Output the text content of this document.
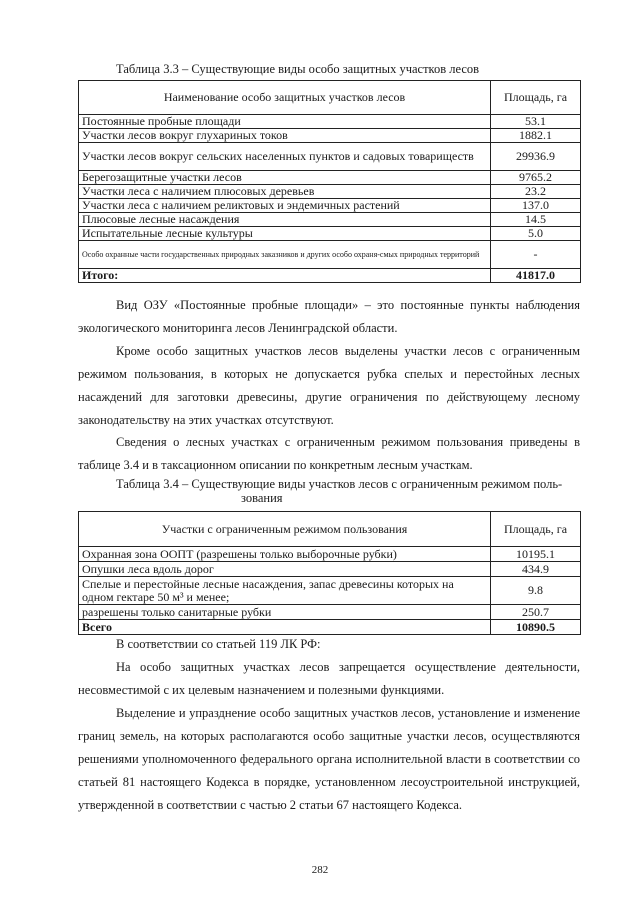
Таблица 3.3 – Существующие виды особо защитных участков лесов
Наименование особо защитных участков лесов	Площадь, га
Постоянные пробные площади	53.1
Участки лесов вокруг глухариных токов	1882.1
Участки лесов вокруг сельских населенных пунктов и садовых товариществ	29936.9
Берегозащитные участки лесов	9765.2
Участки леса с наличием плюсовых деревьев	23.2
Участки леса с наличием реликтовых и эндемичных растений	137.0
Плюсовые лесные насаждения	14.5
Испытательные лесные культуры	5.0
Особо охранные части государственных природных заказников и других особо охраня-смых природных территорий	-
Итого:	41817.0
Вид ОЗУ «Постоянные пробные площади» – это постоянные пункты наблюдения экологического мониторинга лесов Ленинградской области.
Кроме особо защитных участков лесов выделены участки лесов с ограниченным режимом пользования, в которых не допускается рубка спелых и перестойных лесных насаждений для заготовки древесины, другие ограничения по действующему лесному законодательству на этих участках отсутствуют.
Сведения о лесных участках с ограниченным режимом пользования приведены в таблице 3.4 и в таксационном описании по конкретным лесным участкам.
Таблица 3.4 – Существующие виды участков лесов с ограниченным режимом поль-
зования
Участки с ограниченным режимом пользования	Площадь, га
Охранная зона ООПТ (разрешены только выборочные рубки)	10195.1
Опушки леса вдоль дорог	434.9
Спелые и перестойные лесные насаждения, запас древесины которых на одном гектаре 50 м³ и менее;	9.8
разрешены только санитарные рубки	250.7
Всего	10890.5
В соответствии со статьей 119 ЛК РФ:
На особо защитных участках лесов запрещается осуществление деятельности, несовместимой с их целевым назначением и полезными функциями.
Выделение и упразднение особо защитных участков лесов, установление и изменение границ земель, на которых располагаются особо защитные участки лесов, осуществляются решениями уполномоченного федерального органа исполнительной власти в соответствии со статьей 81 настоящего Кодекса в порядке, установленном лесоустроительной инструкцией, утвержденной в соответствии с частью 2 статьи 67 настоящего Кодекса.
282
